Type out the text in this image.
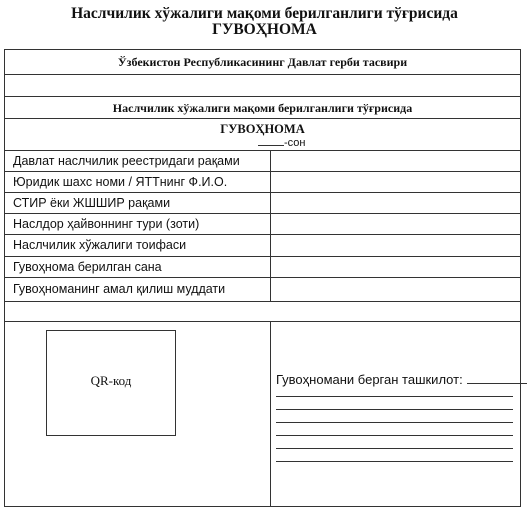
Наслчилик хўжалиги мақоми берилганлиги тўғрисида
ГУВОҲНОМА
Ўзбекистон Республикасининг Давлат герби тасвири
Наслчилик хўжалиги мақоми берилганлиги тўғрисида
ГУВОҲНОМА
-сон
Давлат наслчилик реестридаги рақами
Юридик шахс номи / ЯТТнинг Ф.И.О.
СТИР ёки ЖШШИР рақами
Наслдор ҳайвоннинг тури (зоти)
Наслчилик хўжалиги тоифаси
Гувоҳнома берилган сана
Гувоҳноманинг амал қилиш муддати
QR-код	Гувоҳномани берган ташкилот:
